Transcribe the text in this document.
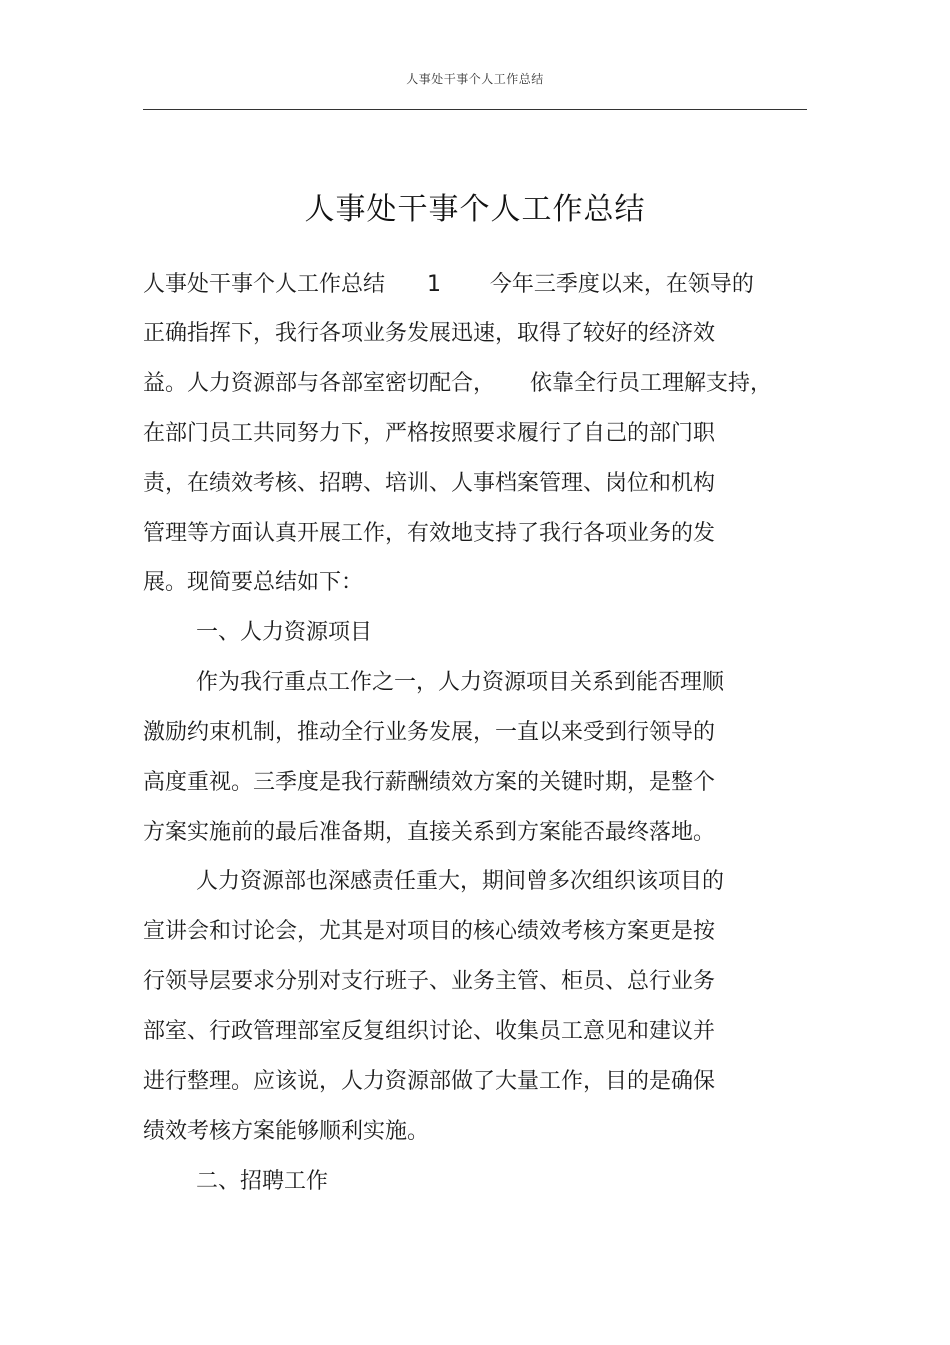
人事处干事个人工作总结
人事处干事个人工作总结
人事处干事个人工作总结      1       今年三季度以来，在领导的
正确指挥下，我行各项业务发展迅速，取得了较好的经济效
益。人力资源部与各部室密切配合，     依靠全行员工理解支持，
在部门员工共同努力下，严格按照要求履行了自己的部门职
责，在绩效考核、招聘、培训、人事档案管理、岗位和机构
管理等方面认真开展工作，有效地支持了我行各项业务的发
展。现简要总结如下：
一、人力资源项目
作为我行重点工作之一，人力资源项目关系到能否理顺
激励约束机制，推动全行业务发展，一直以来受到行领导的
高度重视。三季度是我行薪酬绩效方案的关键时期，是整个
方案实施前的最后准备期，直接关系到方案能否最终落地。
人力资源部也深感责任重大，期间曾多次组织该项目的
宣讲会和讨论会，尤其是对项目的核心绩效考核方案更是按
行领导层要求分别对支行班子、业务主管、柜员、总行业务
部室、行政管理部室反复组织讨论、收集员工意见和建议并
进行整理。应该说，人力资源部做了大量工作，目的是确保
绩效考核方案能够顺利实施。
二、招聘工作
